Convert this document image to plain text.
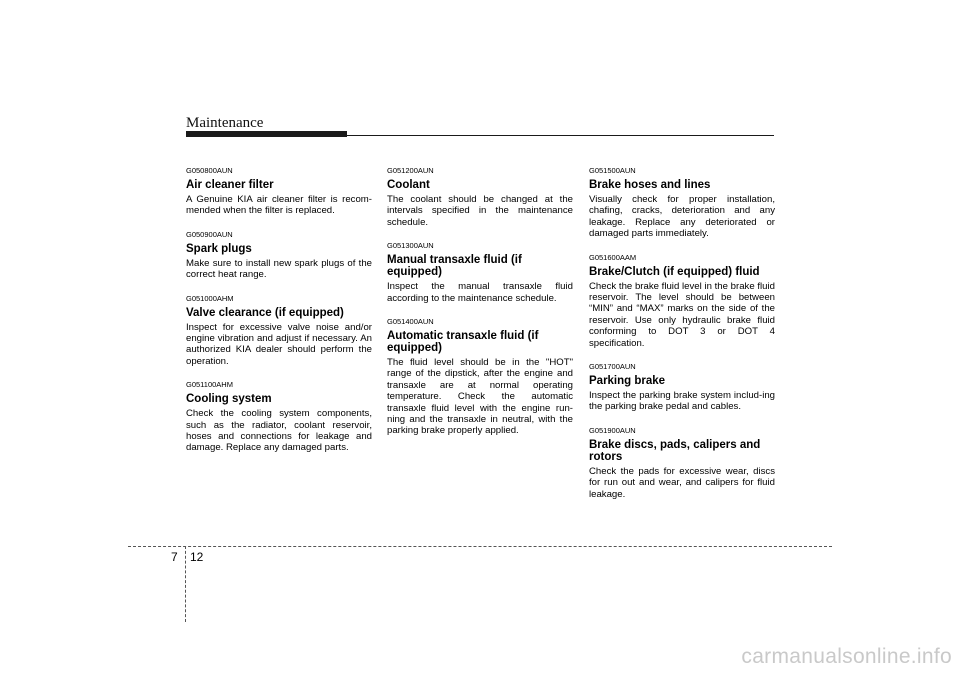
Maintenance
G050800AUN
Air cleaner filter
A Genuine KIA air cleaner filter is recom-mended when the filter is replaced.
G050900AUN
Spark plugs
Make sure to install new spark plugs of the correct heat range.
G051000AHM
Valve clearance (if equipped)
Inspect for excessive valve noise and/or engine vibration and adjust if necessary. An authorized KIA dealer should perform the operation.
G051100AHM
Cooling system
Check the cooling system components, such as the radiator, coolant reservoir, hoses and connections for leakage and damage. Replace any damaged parts.
G051200AUN
Coolant
The coolant should be changed at the intervals specified in the maintenance schedule.
G051300AUN
Manual transaxle fluid (if equipped)
Inspect the manual transaxle fluid according to the maintenance schedule.
G051400AUN
Automatic transaxle fluid (if equipped)
The fluid level should be in the "HOT" range of the dipstick, after the engine and transaxle are at normal operating temperature. Check the automatic transaxle fluid level with the engine run-ning and the transaxle in neutral, with the parking brake properly applied.
G051500AUN
Brake hoses and lines
Visually check for proper installation, chafing, cracks, deterioration and any leakage. Replace any deteriorated or damaged parts immediately.
G051600AAM
Brake/Clutch (if equipped) fluid
Check the brake fluid level in the brake fluid reservoir. The level should be between “MIN” and “MAX” marks on the side of the reservoir. Use only hydraulic brake fluid conforming to DOT 3 or DOT 4 specification.
G051700AUN
Parking brake
Inspect the parking brake system includ-ing the parking brake pedal and cables.
G051900AUN
Brake discs, pads, calipers and rotors
Check the pads for excessive wear, discs for run out and wear, and calipers for fluid leakage.
7 12
carmanualsonline.info
